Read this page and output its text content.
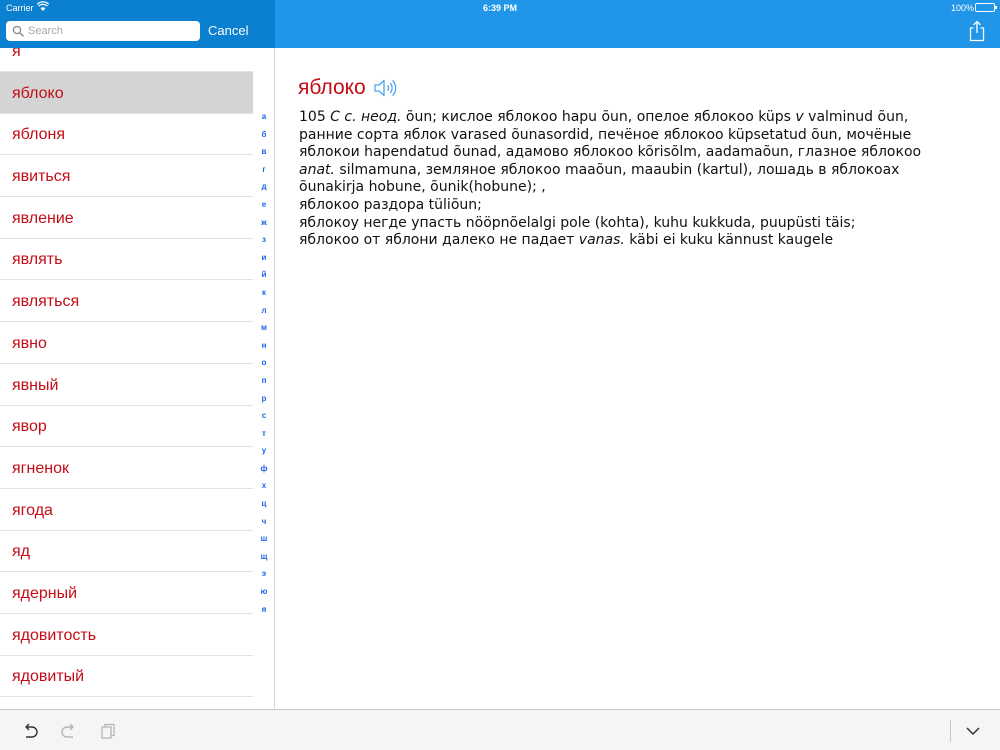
Carrier	6:39 PM	100%
Search
Cancel
я
яблоко
яблоня
явиться
явление
являть
являться
явно
явный
явор
ягненок
ягода
яд
ядерный
ядовитость
ядовитый
а
б
в
г
д
е
ж
з
и
й
к
л
м
н
о
п
р
с
т
у
ф
х
ц
ч
ш
щ
э
ю
я
яблоко
105 С с. неод. õun; кислое яблокоо hapu õun, опелое яблокоо küps v valminud õun,
ранние сорта яблок varased õunasordid, печёное яблокоо küpsetatud õun, мочёные
яблокои hapendatud õunad, адамово яблокоо kõrisõlm, aadamaõun, глазное яблокоо
anat. silmamuna, земляное яблокоо maaõun, maaubin (kartul), лошадь в яблокоах
õunakirja hobune, õunik(hobune); ,
яблокоо раздора tüliõun;
яблокоу негде упасть nööpnõelalgi pole (kohta), kuhu kukkuda, puupüsti täis;
яблокоо от яблони далеко не падает vanas. käbi ei kuku kännust kaugele
